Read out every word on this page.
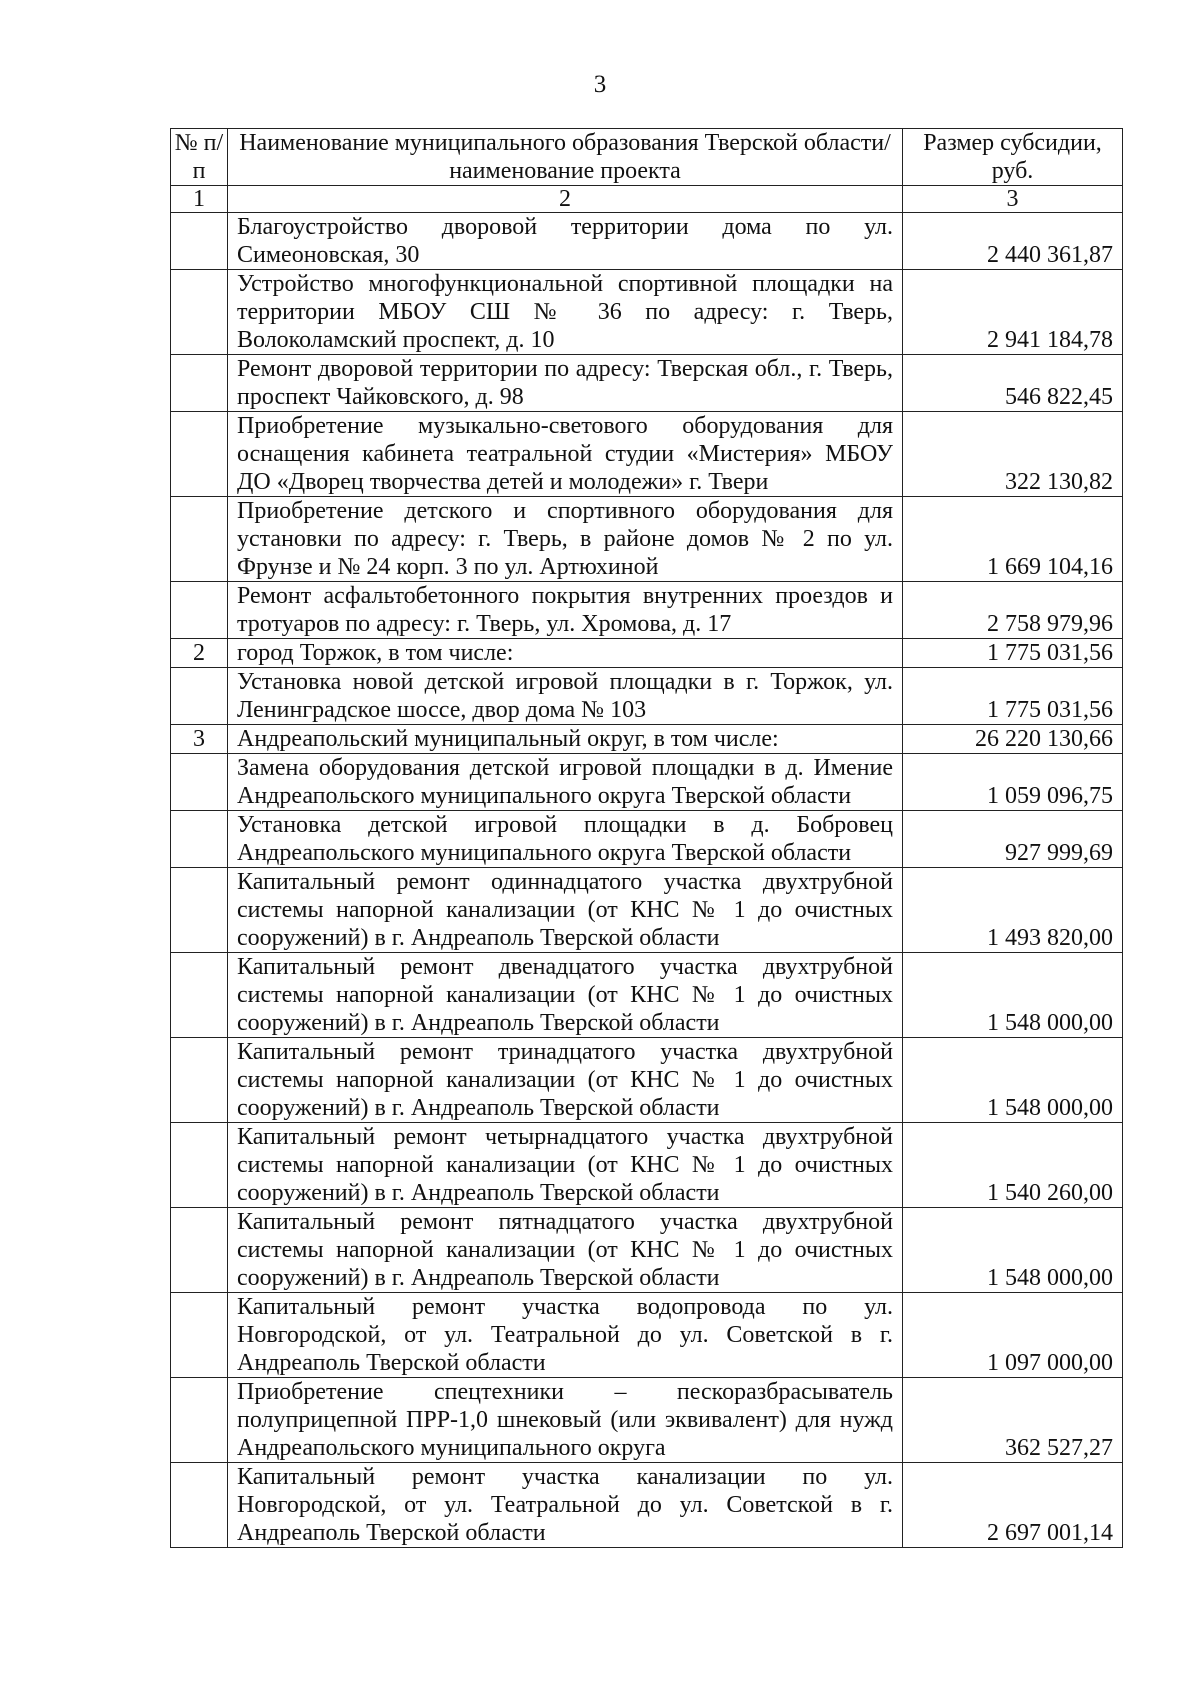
3
№ п/п	Наименование муниципального образования Тверской области/наименование проекта	Размер субсидии, руб.
1	2	3
	Благоустройство дворовой территории дома по ул. Симеоновская, 30	2 440 361,87
	Устройство многофункциональной спортивной площадки на территории МБОУ СШ № 36 по адресу: г. Тверь, Волоколамский проспект, д. 10	2 941 184,78
	Ремонт дворовой территории по адресу: Тверская обл., г. Тверь, проспект Чайковского, д. 98	546 822,45
	Приобретение музыкально-светового оборудования для оснащения кабинета театральной студии «Мистерия» МБОУ ДО «Дворец творчества детей и молодежи» г. Твери	322 130,82
	Приобретение детского и спортивного оборудования для установки по адресу: г. Тверь, в районе домов № 2 по ул. Фрунзе и № 24 корп. 3 по ул. Артюхиной	1 669 104,16
	Ремонт асфальтобетонного покрытия внутренних проездов и тротуаров по адресу: г. Тверь, ул. Хромова, д. 17	2 758 979,96
2	город Торжок, в том числе:	1 775 031,56
	Установка новой детской игровой площадки в г. Торжок, ул. Ленинградское шоссе, двор дома № 103	1 775 031,56
3	Андреапольский муниципальный округ, в том числе:	26 220 130,66
	Замена оборудования детской игровой площадки в д. Имение Андреапольского муниципального округа Тверской области	1 059 096,75
	Установка детской игровой площадки в д. Бобровец Андреапольского муниципального округа Тверской области	927 999,69
	Капитальный ремонт одиннадцатого участка двухтрубной системы напорной канализации (от КНС № 1 до очистных сооружений) в г. Андреаполь Тверской области	1 493 820,00
	Капитальный ремонт двенадцатого участка двухтрубной системы напорной канализации (от КНС № 1 до очистных сооружений) в г. Андреаполь Тверской области	1 548 000,00
	Капитальный ремонт тринадцатого участка двухтрубной системы напорной канализации (от КНС № 1 до очистных сооружений) в г. Андреаполь Тверской области	1 548 000,00
	Капитальный ремонт четырнадцатого участка двухтрубной системы напорной канализации (от КНС № 1 до очистных сооружений) в г. Андреаполь Тверской области	1 540 260,00
	Капитальный ремонт пятнадцатого участка двухтрубной системы напорной канализации (от КНС № 1 до очистных сооружений) в г. Андреаполь Тверской области	1 548 000,00
	Капитальный ремонт участка водопровода по ул. Новгородской, от ул. Театральной до ул. Советской в г. Андреаполь Тверской области	1 097 000,00
	Приобретение спецтехники – пескоразбрасыватель полуприцепной ПРР-1,0 шнековый (или эквивалент) для нужд Андреапольского муниципального округа	362 527,27
	Капитальный ремонт участка канализации по ул. Новгородской, от ул. Театральной до ул. Советской в г. Андреаполь Тверской области	2 697 001,14
